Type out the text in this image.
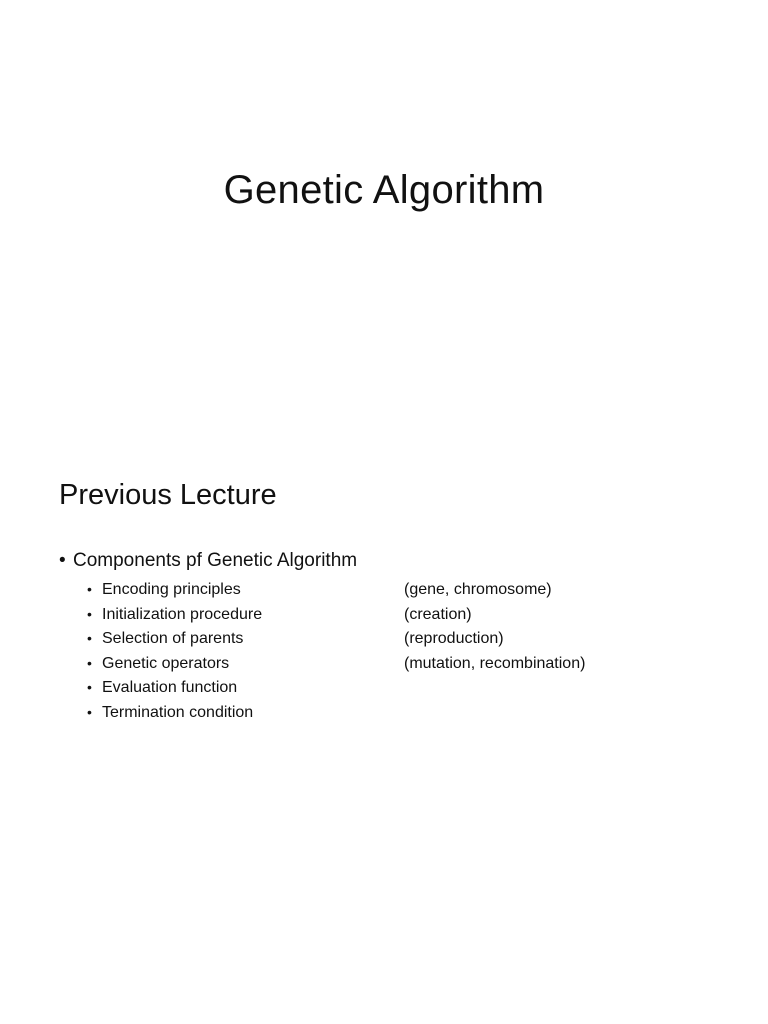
Genetic Algorithm
Previous Lecture
• Components pf Genetic Algorithm
• Encoding principles	(gene, chromosome)
• Initialization procedure	(creation)
• Selection of parents	(reproduction)
• Genetic operators	(mutation, recombination)
• Evaluation function
• Termination condition
